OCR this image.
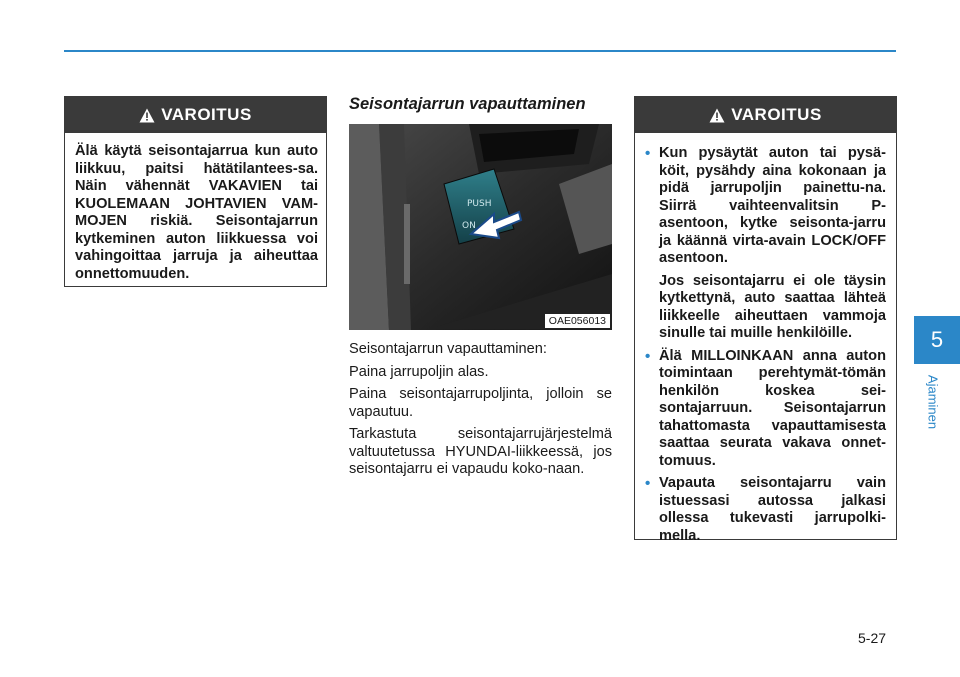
VAROITUS
Älä käytä seisontajarrua kun auto liikkuu, paitsi hätätilantees-sa. Näin vähennät VAKAVIEN tai KUOLEMAAN JOHTAVIEN VAM-MOJEN riskiä. Seisontajarrun kytkeminen auton liikkuessa voi vahingoittaa jarruja ja aiheuttaa onnettomuuden.
Seisontajarrun vapauttaminen
PUSH
ON
OAE056013

Seisontajarrun vapauttaminen:

Paina jarrupoljin alas.

Paina seisontajarrupoljinta, jolloin se vapautuu.

Tarkastuta seisontajarrujärjestelmä valtuutetussa HYUNDAI-liikkeessä, jos seisontajarru ei vapaudu koko-naan.

VAROITUS
• Kun pysäytät auton tai pysä-köit, pysähdy aina kokonaan ja pidä jarrupoljin painettu-na. Siirrä vaihteenvalitsin P-asentoon, kytke seisonta-jarru ja käännä virta-avain LOCK/OFF asentoon.

Jos seisontajarru ei ole täysin kytkettynä, auto saattaa lähteä liikkeelle aiheuttaen vammoja sinulle tai muille henkilöille.

• Älä MILLOINKAAN anna auton toimintaan perehtymät-tömän henkilön koskea sei-sontajarruun. Seisontajarrun tahattomasta vapauttamisesta saattaa seurata vakava onnet-tomuus.

• Vapauta seisontajarru vain istuessasi autossa jalkasi ollessa tukevasti jarrupolki-mella.

5
Ajaminen
5-27
